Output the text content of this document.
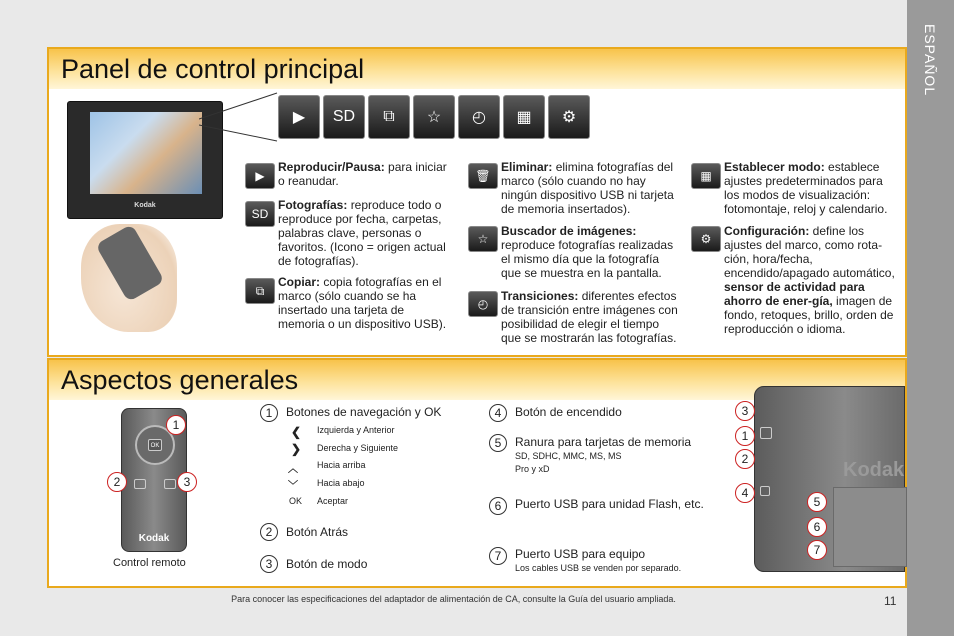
ESPAÑOL
Panel de control principal
Kodak
▶	SD	⧉	☆	◴	▦	⚙
▶
Reproducir/Pausa: para iniciar o reanudar.
SD
Fotografías: reproduce todo o reproduce por fecha, carpetas, palabras clave, personas o favoritos. (Icono = origen actual de fotografías).
⧉
Copiar: copia fotografías en el marco (sólo cuando se ha insertado una tarjeta de memoria o un dispositivo USB).
🗑
Eliminar: elimina fotografías del marco (sólo cuando no hay ningún dispositivo USB ni tarjeta de memoria insertados).
☆
Buscador de imágenes: reproduce fotografías realizadas el mismo día que la fotografía que se muestra en la pantalla.
◴
Transiciones: diferentes efectos de transición entre imágenes con posibilidad de elegir el tiempo que se mostrarán las fotografías.
▦
Establecer modo: establece ajustes predeterminados para los modos de visualización: fotomontaje, reloj y calendario.
⚙
Configuración: define los ajustes del marco, como rota-ción, hora/fecha, encendido/apagado automático, sensor de actividad para ahorro de ener-gía, imagen de fondo, retoques, brillo, orden de reproducción o idioma.
Aspectos generales
OK
Kodak
1
2	3
Control remoto
1	Botones de navegación y OK
❮ Izquierda y Anterior
❯ Derecha y Siguiente
︿ Hacia arriba
﹀ Hacia abajo
OK Aceptar
2	Botón Atrás
3	Botón de modo
4	Botón de encendido
5	Ranura para tarjetas de memoria
SD, SDHC, MMC, MS, MS Pro y xD
6	Puerto USB para unidad Flash, etc.
7	Puerto USB para equipo
Los cables USB se venden por separado.
Kodak
3
1
2
4
5
6
7
Para conocer las especificaciones del adaptador de alimentación de CA, consulte la Guía del usuario ampliada.	11
